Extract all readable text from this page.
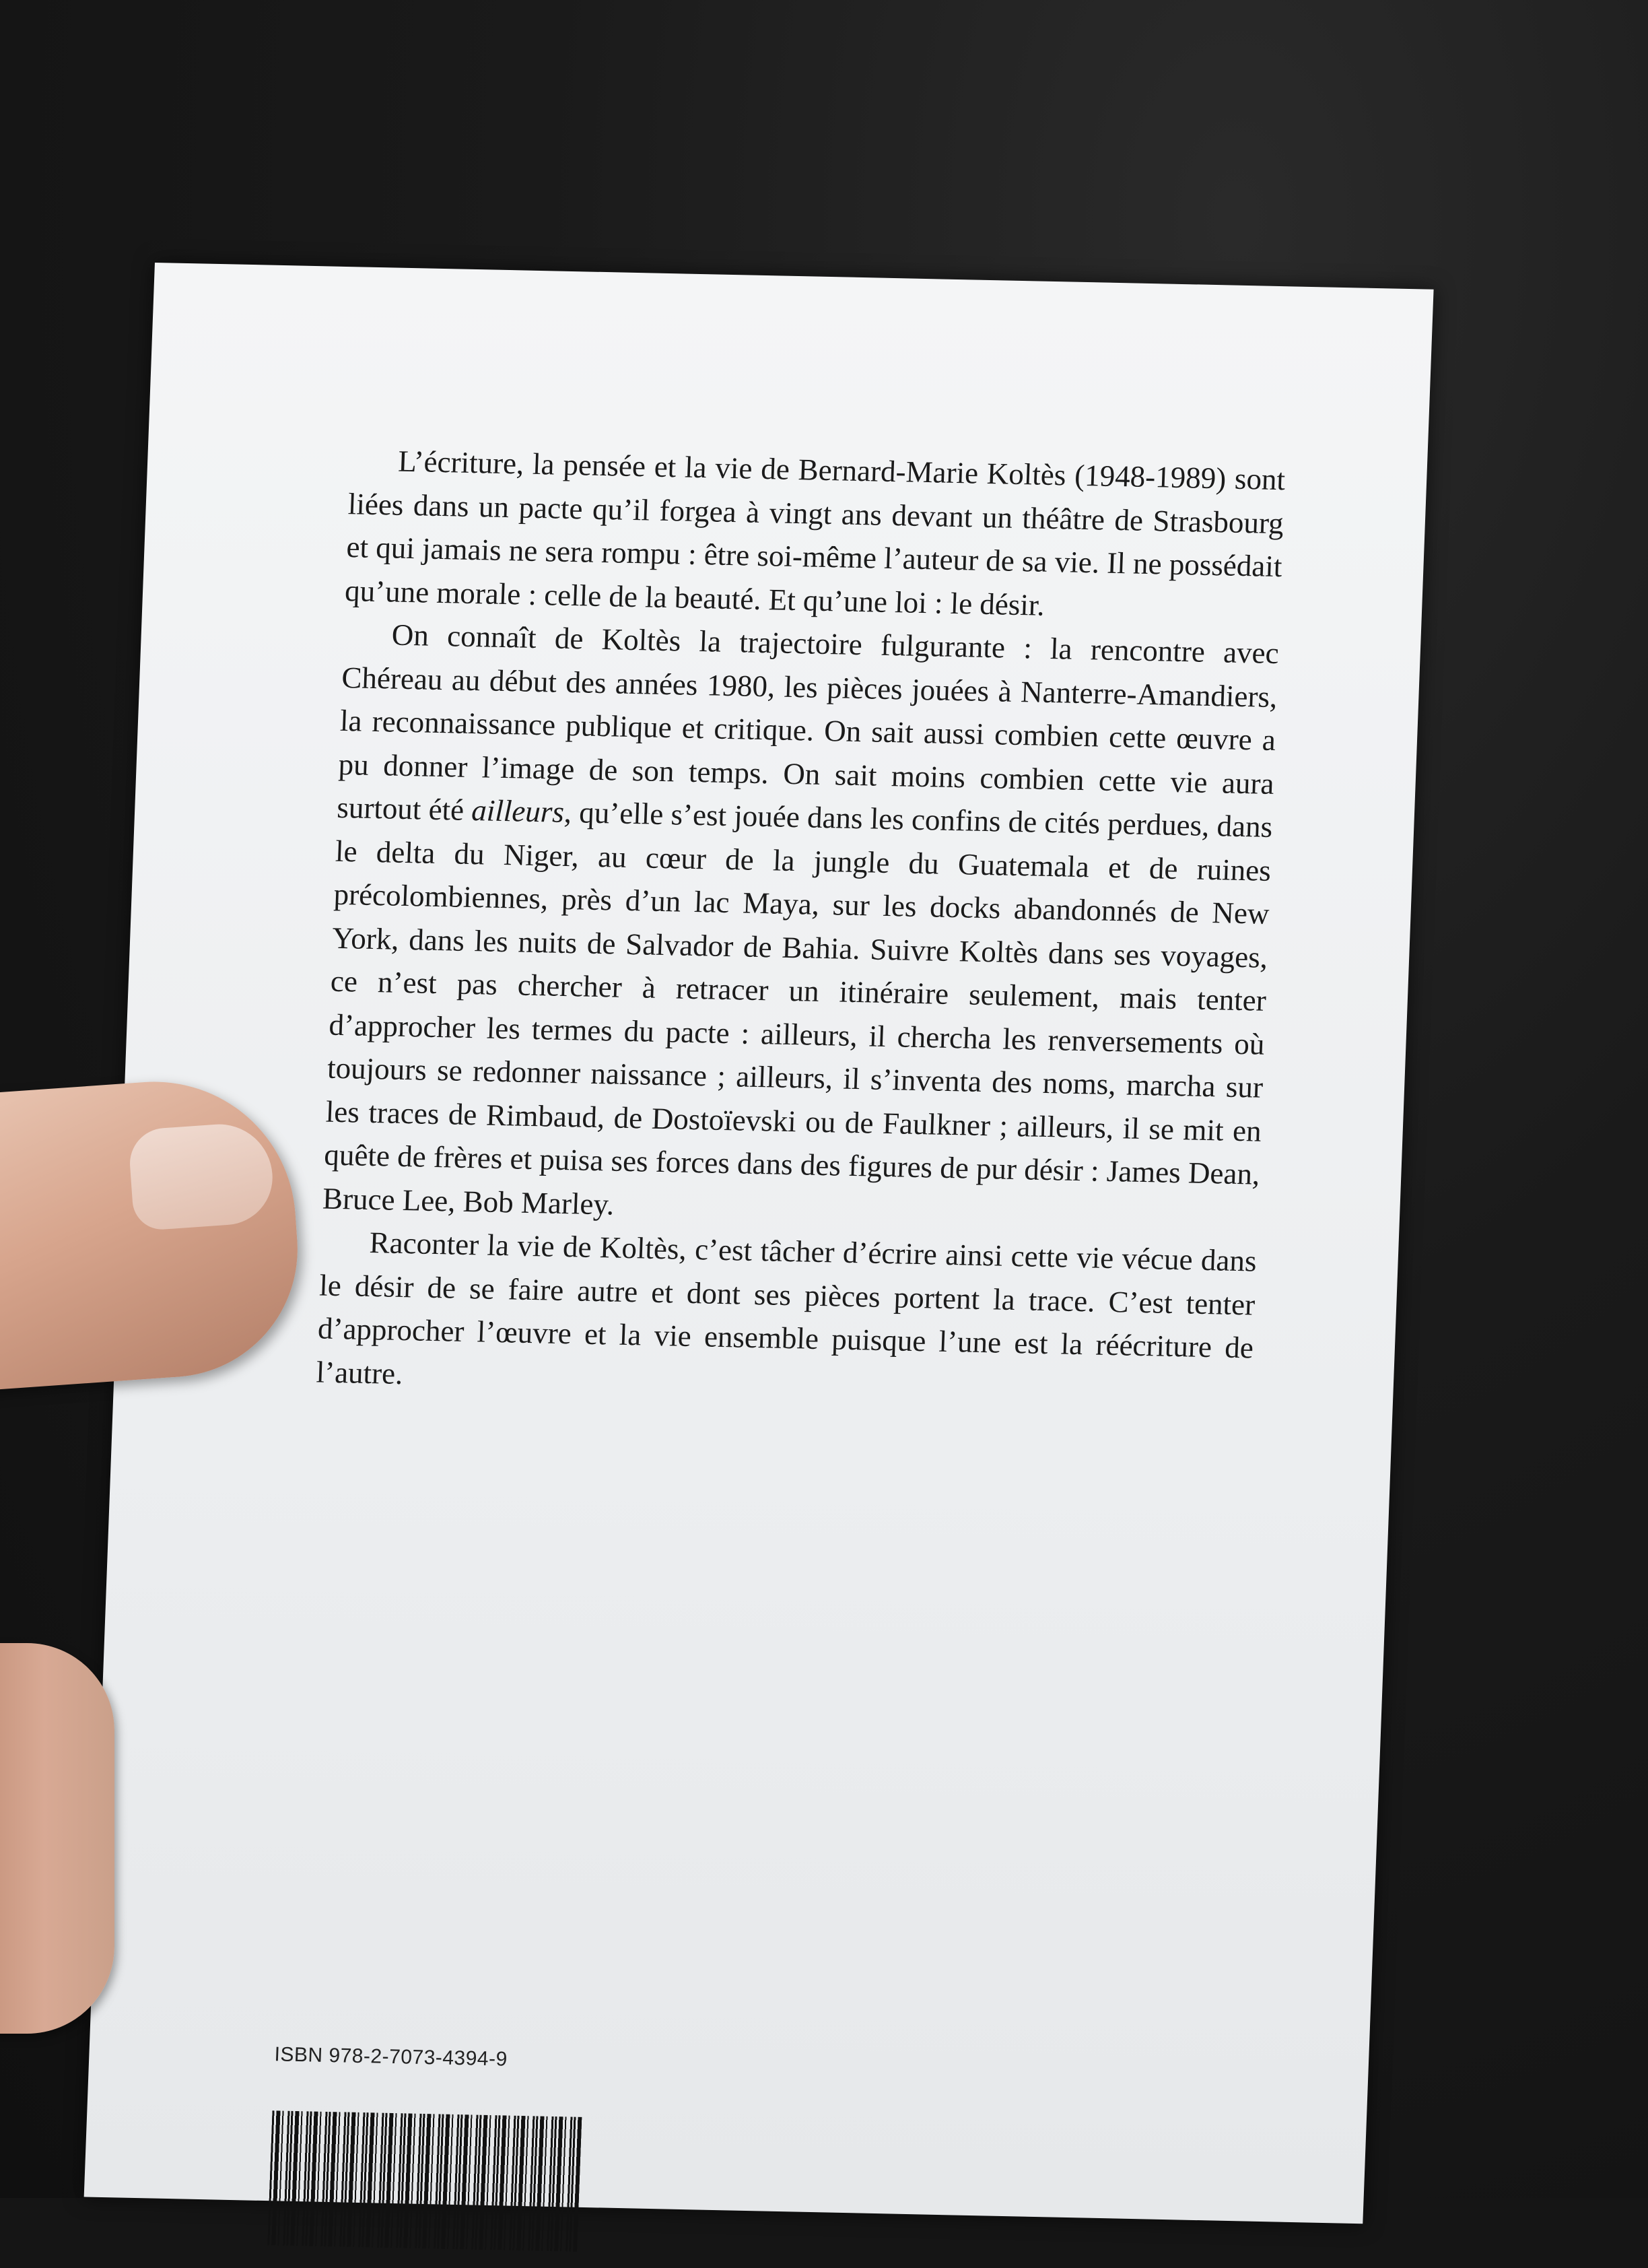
L’écriture, la pensée et la vie de Bernard-Marie Koltès (1948-1989) sont liées dans un pacte qu’il forgea à vingt ans devant un théâtre de Strasbourg et qui jamais ne sera rompu : être soi-même l’auteur de sa vie. Il ne possédait qu’une morale : celle de la beauté. Et qu’une loi : le désir.

On connaît de Koltès la trajectoire fulgurante : la rencontre avec Chéreau au début des années 1980, les pièces jouées à Nanterre-Amandiers, la reconnaissance publique et critique. On sait aussi combien cette œuvre a pu donner l’image de son temps. On sait moins combien cette vie aura surtout été ailleurs, qu’elle s’est jouée dans les confins de cités perdues, dans le delta du Niger, au cœur de la jungle du Guatemala et de ruines précolombiennes, près d’un lac Maya, sur les docks abandonnés de New York, dans les nuits de Salvador de Bahia. Suivre Koltès dans ses voyages, ce n’est pas chercher à retracer un itinéraire seulement, mais tenter d’approcher les termes du pacte : ailleurs, il chercha les renversements où toujours se redonner naissance ; ailleurs, il s’inventa des noms, marcha sur les traces de Rimbaud, de Dostoïevski ou de Faulkner ; ailleurs, il se mit en quête de frères et puisa ses forces dans des figures de pur désir : James Dean, Bruce Lee, Bob Marley.

Raconter la vie de Koltès, c’est tâcher d’écrire ainsi cette vie vécue dans le désir de se faire autre et dont ses pièces portent la trace. C’est tenter d’approcher l’œuvre et la vie ensemble puisque l’une est la réécriture de l’autre.

ISBN 978-2-7073-4394-9
